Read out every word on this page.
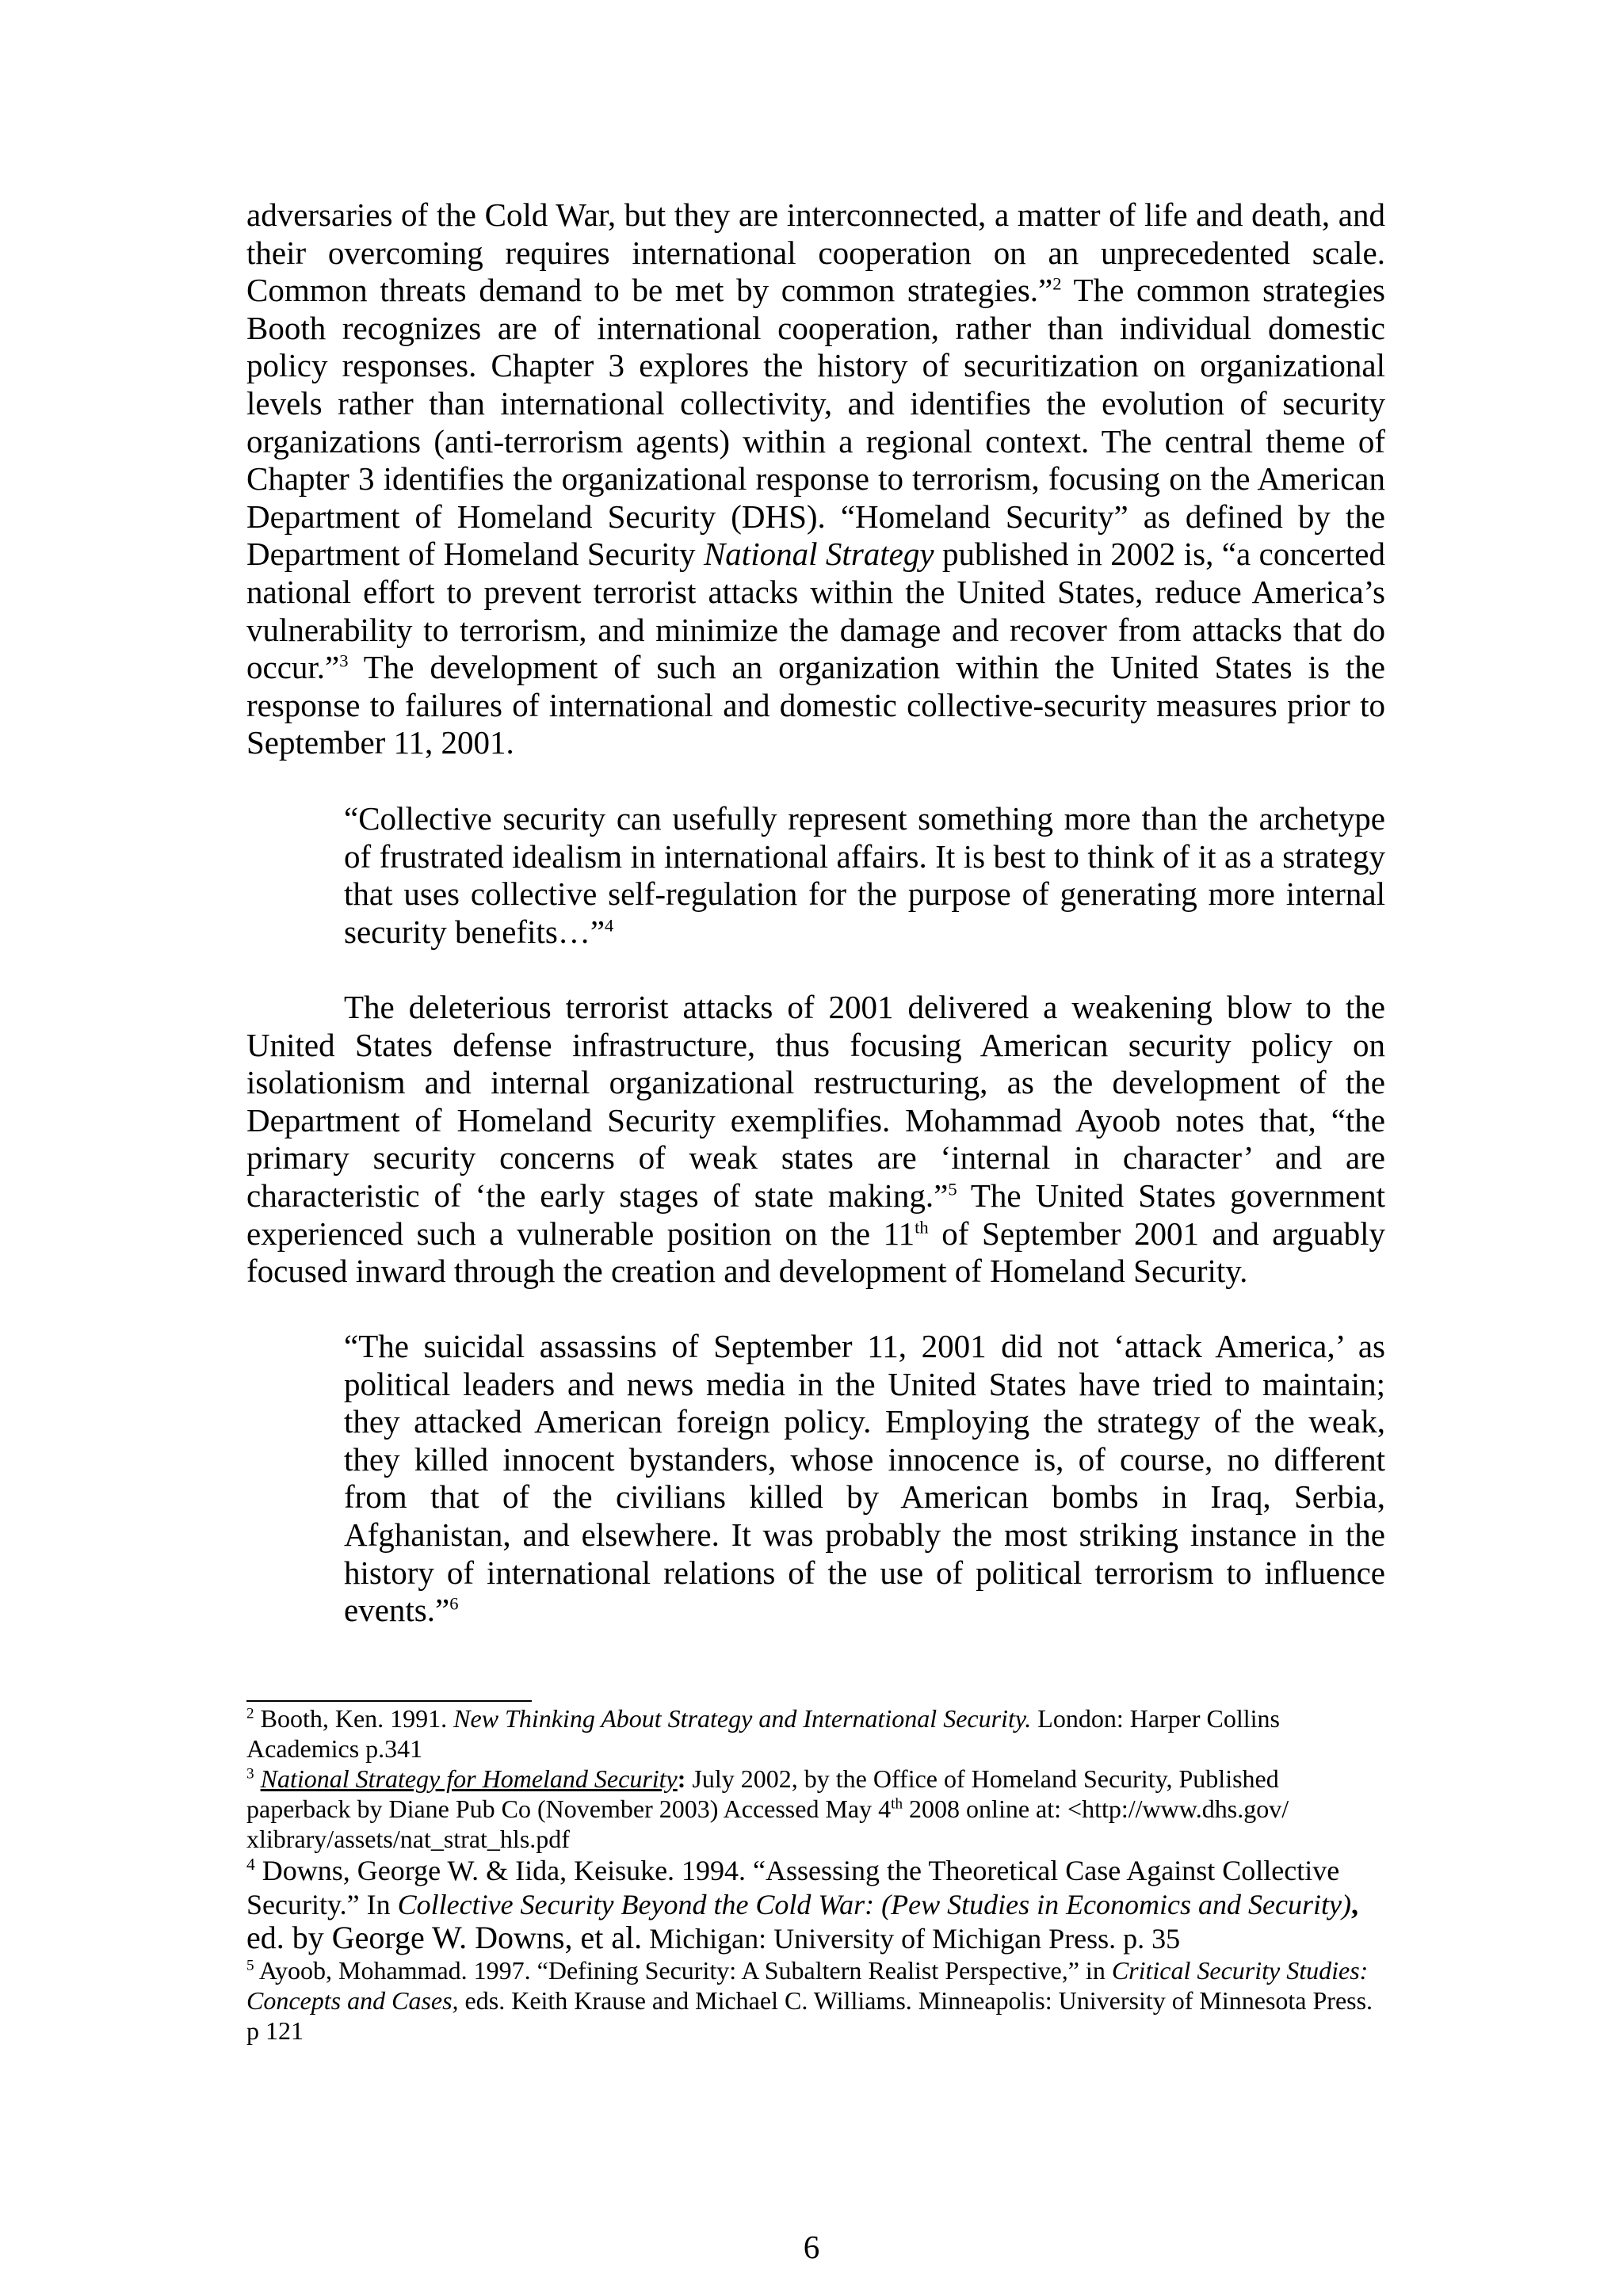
adversaries of the Cold War, but they are interconnected, a matter of life and death, and their overcoming requires international cooperation on an unprecedented scale. Common threats demand to be met by common strategies.”$^2$ The common strategies Booth recognizes are of international cooperation, rather than individual domestic policy responses. Chapter 3 explores the history of securitization on organizational levels rather than international collectivity, and identifies the evolution of security organizations (anti-terrorism agents) within a regional context. The central theme of Chapter 3 identifies the organizational response to terrorism, focusing on the American Department of Homeland Security (DHS). “Homeland Security” as defined by the Department of Homeland Security National Strategy published in 2002 is, “a concerted national effort to prevent terrorist attacks within the United States, reduce America’s vulnerability to terrorism, and minimize the damage and recover from attacks that do occur.”$^3$ The development of such an organization within the United States is the response to failures of international and domestic collective-security measures prior to September 11, 2001.

“Collective security can usefully represent something more than the archetype of frustrated idealism in international affairs. It is best to think of it as a strategy that uses collective self-regulation for the purpose of generating more internal security benefits…”$^4$

The deleterious terrorist attacks of 2001 delivered a weakening blow to the United States defense infrastructure, thus focusing American security policy on isolationism and internal organizational restructuring, as the development of the Department of Homeland Security exemplifies. Mohammad Ayoob notes that, “the primary security concerns of weak states are ‘internal in character’ and are characteristic of ‘the early stages of state making.”$^5$ The United States government experienced such a vulnerable position on the 11th of September 2001 and arguably focused inward through the creation and development of Homeland Security.

“The suicidal assassins of September 11, 2001 did not ‘attack America,’ as political leaders and news media in the United States have tried to maintain; they attacked American foreign policy. Employing the strategy of the weak, they killed innocent bystanders, whose innocence is, of course, no different from that of the civilians killed by American bombs in Iraq, Serbia, Afghanistan, and elsewhere. It was probably the most striking instance in the history of international relations of the use of political terrorism to influence events.”$^6$

$^2$ Booth, Ken. 1991. New Thinking About Strategy and International Security. London: Harper Collins Academics p.341

$^3$ National Strategy for Homeland Security: July 2002, by the Office of Homeland Security, Published paperback by Diane Pub Co (November 2003) Accessed May 4th 2008 online at: <http://www.dhs.gov/ xlibrary/assets/nat_strat_hls.pdf

$^4$ Downs, George W. & Iida, Keisuke. 1994. “Assessing the Theoretical Case Against Collective Security.” In Collective Security Beyond the Cold War: (Pew Studies in Economics and Security), ed. by George W. Downs, et al. Michigan: University of Michigan Press. p. 35

$^5$ Ayoob, Mohammad. 1997. “Defining Security: A Subaltern Realist Perspective,” in Critical Security Studies: Concepts and Cases, eds. Keith Krause and Michael C. Williams. Minneapolis: University of Minnesota Press. p 121

6
